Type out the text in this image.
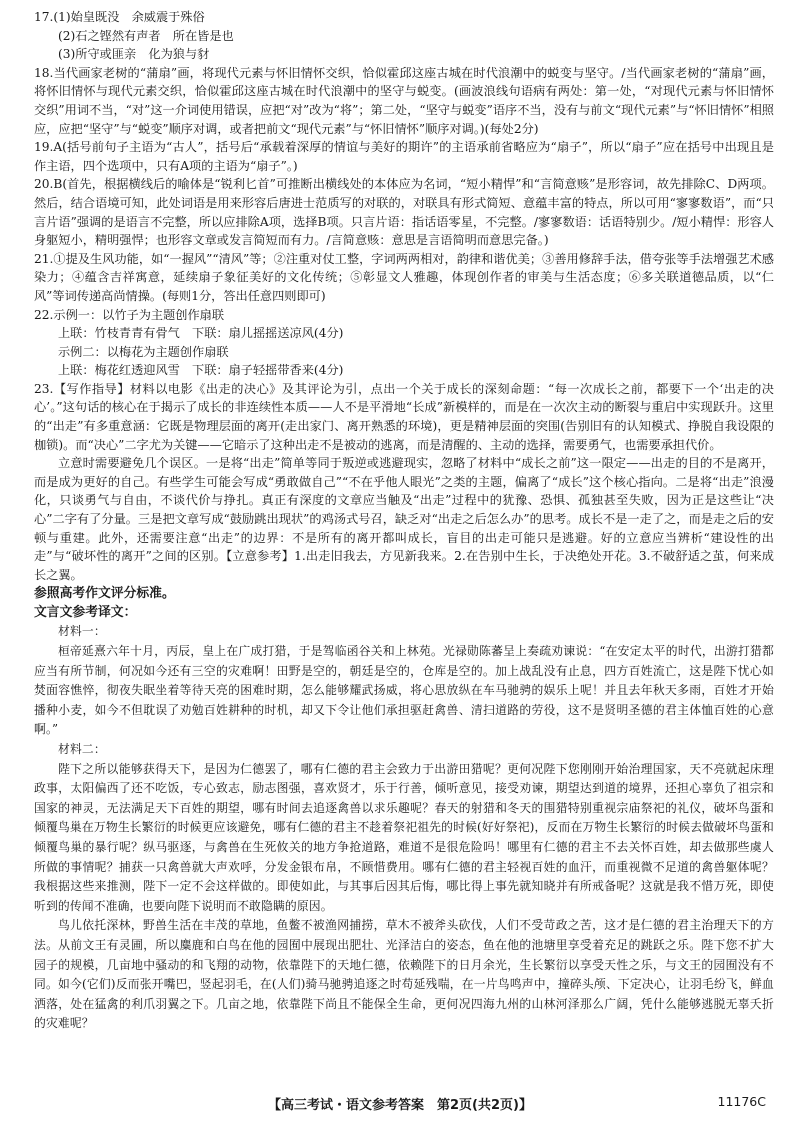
17.(1)始皇既没　余威震于殊俗

(2)石之铿然有声者　所在皆是也

(3)所守或匪亲　化为狼与豺

18.当代画家老树的“蒲扇”画，将现代元素与怀旧情怀交织，恰似霍邱这座古城在时代浪潮中的蜕变与坚守。/当代画家老树的“蒲扇”画，将怀旧情怀与现代元素交织，恰似霍邱这座古城在时代浪潮中的坚守与蜕变。(画波浪线句语病有两处：第一处，“对现代元素与怀旧情怀交织”用词不当，“对”这一介词使用错误，应把“对”改为“将”；第二处，“坚守与蜕变”语序不当，没有与前文“现代元素”与“怀旧情怀”相照应，应把“坚守”与“蜕变”顺序对调，或者把前文“现代元素”与“怀旧情怀”顺序对调。)(每处2分)

19.A(括号前句子主语为“古人”，括号后“承载着深厚的情谊与美好的期许”的主语承前省略应为“扇子”，所以“扇子”应在括号中出现且是作主语，四个选项中，只有A项的主语为“扇子”。)

20.B(首先，根据横线后的喻体是“锐利匕首”可推断出横线处的本体应为名词，“短小精悍”和“言简意赅”是形容词，故先排除C、D两项。然后，结合语境可知，此处词语是用来形容后唐进士范质写的对联的，对联具有形式简短、意蕴丰富的特点，所以可用“寥寥数语”，而“只言片语”强调的是语言不完整，所以应排除A项，选择B项。只言片语：指话语零星，不完整。/寥寥数语：话语特别少。/短小精悍：形容人身躯短小，精明强悍；也形容文章或发言简短而有力。/言简意赅：意思是言语简明而意思完备。)

21.①提及生风功能，如“一握风”“清风”等；②注重对仗工整，字词两两相对，韵律和谐优美；③善用修辞手法，借夸张等手法增强艺术感染力；④蕴含吉祥寓意，延续扇子象征美好的文化传统；⑤彰显文人雅趣，体现创作者的审美与生活态度；⑥多关联道德品质，以“仁风”等词传递高尚情操。(每则1分，答出任意四则即可)

22.示例一：以竹子为主题创作扇联

上联：竹枝青青有骨气　下联：扇儿摇摇送凉风(4分)

示例二：以梅花为主题创作扇联

上联：梅花红透迎风雪　下联：扇子轻摇带香来(4分)

23.【写作指导】材料以电影《出走的决心》及其评论为引，点出一个关于成长的深刻命题：“每一次成长之前，都要下一个‘出走的决心’。”这句话的核心在于揭示了成长的非连续性本质——人不是平滑地“长成”新模样的，而是在一次次主动的断裂与重启中实现跃升。这里的“出走”有多重意涵：它既是物理层面的离开(走出家门、离开熟悉的环境)，更是精神层面的突围(告别旧有的认知模式、挣脱自我设限的枷锁)。而“决心”二字尤为关键——它暗示了这种出走不是被动的逃离，而是清醒的、主动的选择，需要勇气，也需要承担代价。

立意时需要避免几个误区。一是将“出走”简单等同于叛逆或逃避现实，忽略了材料中“成长之前”这一限定——出走的目的不是离开，而是成为更好的自己。有些学生可能会写成“勇敢做自己”“不在乎他人眼光”之类的主题，偏离了“成长”这个核心指向。二是将“出走”浪漫化，只谈勇气与自由，不谈代价与挣扎。真正有深度的文章应当触及“出走”过程中的犹豫、恐惧、孤独甚至失败，因为正是这些让“决心”二字有了分量。三是把文章写成“鼓励跳出现状”的鸡汤式号召，缺乏对“出走之后怎么办”的思考。成长不是一走了之，而是走之后的安顿与重建。此外，还需要注意“出走”的边界：不是所有的离开都叫成长，盲目的出走可能只是逃避。好的立意应当辨析“建设性的出走”与“破坏性的离开”之间的区别。【立意参考】1.出走旧我去，方见新我来。2.在告别中生长，于决绝处开花。3.不破舒适之茧，何来成长之翼。

参照高考作文评分标准。

文言文参考译文：

材料一：

桓帝延熹六年十月，丙辰，皇上在广成打猎，于是驾临函谷关和上林苑。光禄勋陈蕃呈上奏疏劝谏说：“在安定太平的时代，出游打猎都应当有所节制，何况如今还有三空的灾难啊！田野是空的，朝廷是空的，仓库是空的。加上战乱没有止息，四方百姓流亡，这是陛下忧心如焚面容憔悴，彻夜失眠坐着等待天亮的困难时期，怎么能够耀武扬威，将心思放纵在车马驰骋的娱乐上呢！并且去年秋天多雨，百姓才开始播种小麦，如今不但耽误了劝勉百姓耕种的时机，却又下令让他们承担驱赶禽兽、清扫道路的劳役，这不是贤明圣德的君主体恤百姓的心意啊。”

材料二：

陛下之所以能够获得天下，是因为仁德罢了，哪有仁德的君主会致力于出游田猎呢？更何况陛下您刚刚开始治理国家，天不亮就起床理政事，太阳偏西了还不吃饭，专心致志，励志图强，喜欢贤才，乐于行善，倾听意见，接受劝谏，期望达到道的境界，还担心辜负了祖宗和国家的神灵，无法满足天下百姓的期望，哪有时间去追逐禽兽以求乐趣呢？春天的射猎和冬天的围猎特别重视宗庙祭祀的礼仪，破坏鸟蛋和倾覆鸟巢在万物生长繁衍的时候更应该避免，哪有仁德的君主不趁着祭祀祖先的时候(好好祭祀)，反而在万物生长繁衍的时候去做破坏鸟蛋和倾覆鸟巢的暴行呢？纵马驱逐，与禽兽在生死攸关的地方争抢道路，难道不是很危险吗！哪里有仁德的君主不去关怀百姓，却去做那些虞人所做的事情呢？捕获一只禽兽就大声欢呼，分发金银布帛，不顾惜费用。哪有仁德的君主轻视百姓的血汗，而重视微不足道的禽兽躯体呢？我根据这些来推测，陛下一定不会这样做的。即使如此，与其事后因其后悔，哪比得上事先就知晓并有所戒备呢？这就是我不惜万死，即使听到的传闻不准确，也要向陛下说明而不敢隐瞒的原因。

鸟儿依托深林，野兽生活在丰茂的草地，鱼鳖不被渔网捕捞，草木不被斧头砍伐，人们不受苛政之苦，这才是仁德的君主治理天下的方法。从前文王有灵圃，所以麋鹿和白鸟在他的园囿中展现出肥壮、光泽洁白的姿态，鱼在他的池塘里享受着充足的跳跃之乐。陛下您不扩大园子的规模，几亩地中骚动的和飞翔的动物，依靠陛下的天地仁德，依赖陛下的日月余光，生长繁衍以享受天性之乐，与文王的园囿没有不同。如今(它们)反而张开嘴巴，竖起羽毛，在(人们)骑马驰骋追逐之时苟延残喘，在一片鸟鸣声中，撞碎头颅、下定决心，让羽毛纷飞，鲜血洒落，处在猛禽的利爪羽翼之下。几亩之地，依靠陛下尚且不能保全生命，更何况四海九州的山林河泽那么广阔，凭什么能够逃脱无辜夭折的灾难呢？

【高三考试・语文参考答案　第2页(共2页)】	11176C
